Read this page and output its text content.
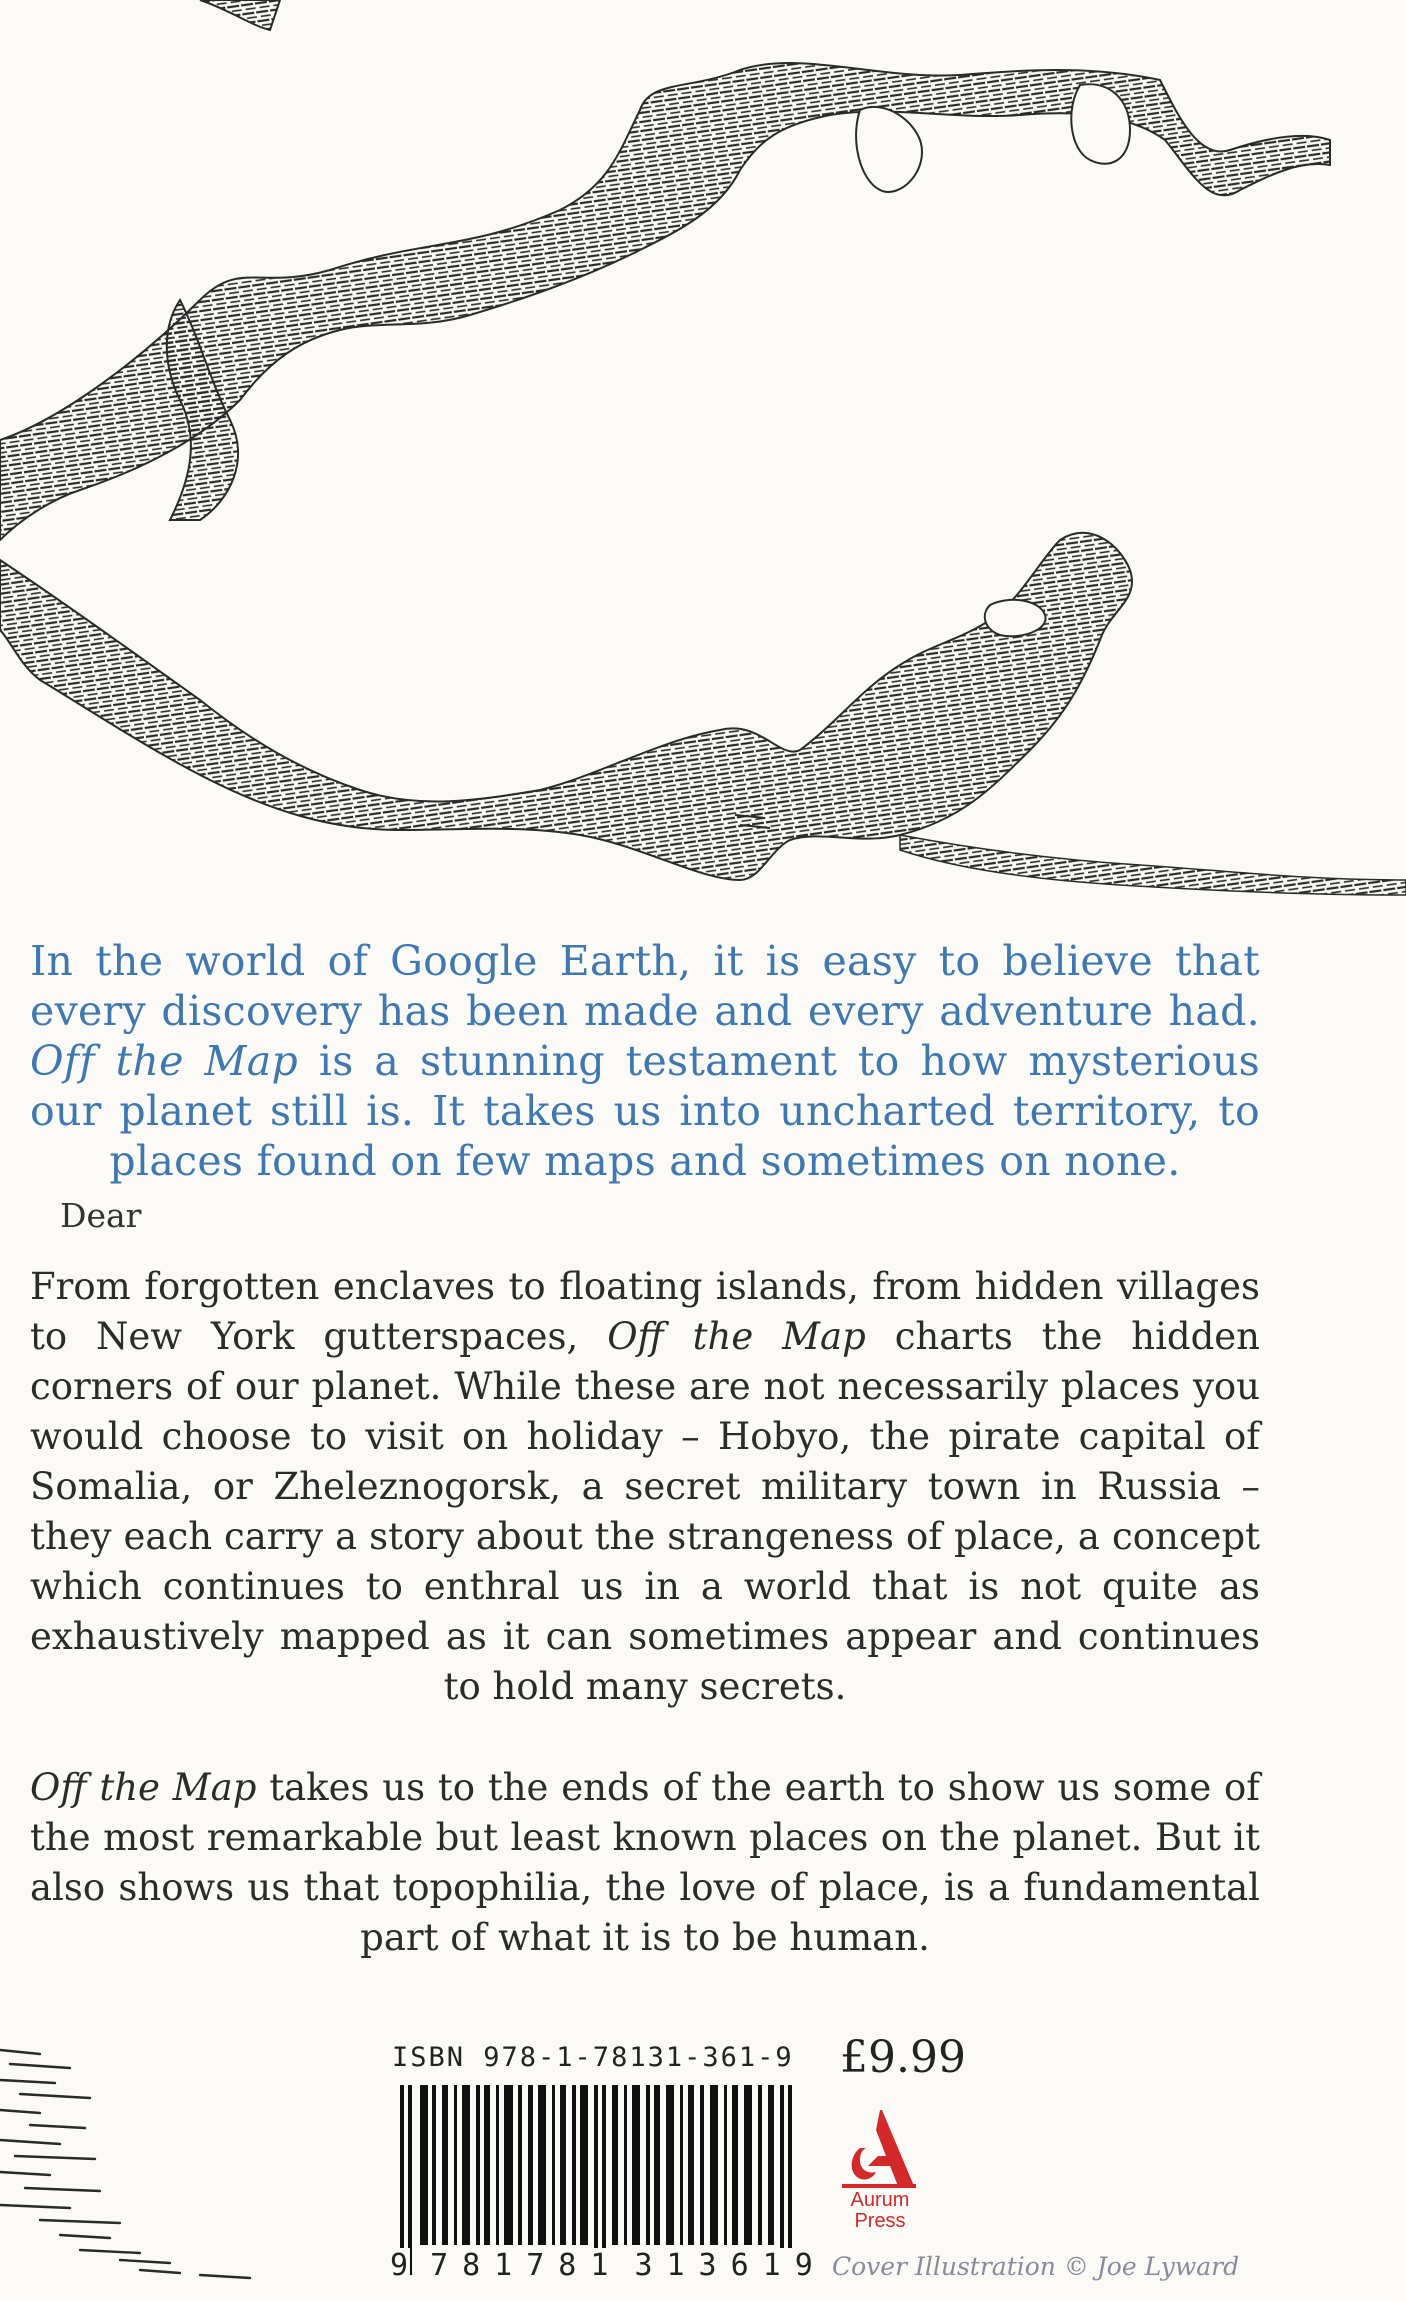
In the world of Google Earth, it is easy to believe that every discovery has been made and every adventure had. Off the Map is a stunning testament to how mysterious our planet still is. It takes us into uncharted territory, to places found on few maps and sometimes on none.
Dear
From forgotten enclaves to floating islands, from hidden villages to New York gutterspaces, Off the Map charts the hidden corners of our planet. While these are not necessarily places you would choose to visit on holiday – Hobyo, the pirate capital of Somalia, or Zheleznogorsk, a secret military town in Russia – they each carry a story about the strangeness of place, a concept which continues to enthral us in a world that is not quite as exhaustively mapped as it can sometimes appear and continues to hold many secrets.
Off the Map takes us to the ends of the earth to show us some of the most remarkable but least known places on the planet. But it also shows us that topophilia, the love of place, is a fundamental part of what it is to be human.
ISBN 978-1-78131-361-9 £9.99
9 781781 313619
Aurum
Press
Cover Illustration © Joe Lyward
